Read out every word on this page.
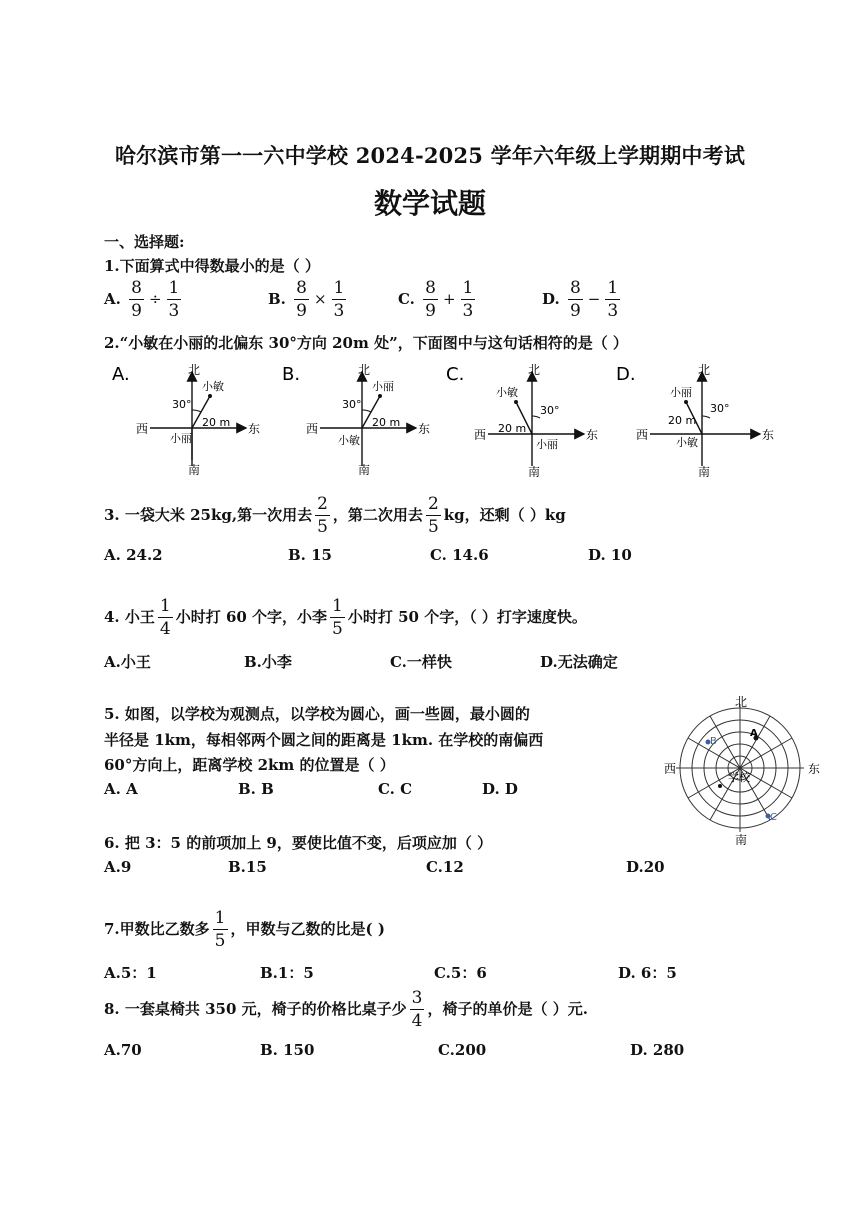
哈尔滨市第一一六中学校 2024-2025 学年六年级上学期期中考试
数学试题
一、选择题:
1.下面算式中得数最小的是（ ）
A. $\frac{8}{9} \div \frac{1}{3}$	B. $\frac{8}{9} \times \frac{1}{3}$	C. $\frac{8}{9} + \frac{1}{3}$	D. $\frac{8}{9} - \frac{1}{3}$
2.“小敏在小丽的北偏东 30°方向 20m 处”，下面图中与这句话相符的是（ ）
A.	北
南
西	东
小敏
小丽
30°
20 m
B.	北
南
西	东
小丽
小敏
30°
20 m
C.	北
南
西	东
小敏
小丽
30°
20 m
D.	北
南
西	东
小丽
小敏
30°
20 m
3. 一袋大米 25kg,第一次用去 $\frac{2}{5}$ ，第二次用去 $\frac{2}{5}$ kg，还剩（ ）kg
A. 24.2	B. 15	C. 14.6	D. 10
4. 小王 $\frac{1}{4}$ 小时打 60 个字，小李 $\frac{1}{5}$ 小时打 50 个字，（ ）打字速度快。
A.小王	B.小李	C.一样快	D.无法确定
5. 如图，以学校为观测点，以学校为圆心，画一些圆，最小圆的
半径是 1km，每相邻两个圆之间的距离是 1km. 在学校的南偏西
60°方向上，距离学校 2km 的位置是（ ）
A. A	B. B	C. C	D. D
北
南
西	东
学校
A
B
C
6. 把 3：5 的前项加上 9，要使比值不变，后项应加（ ）
A.9	B.15	C.12	D.20
7.甲数比乙数多 $\frac{1}{5}$ ，甲数与乙数的比是( )
A.5：1	B.1：5	C.5：6	D. 6：5
8. 一套桌椅共 350 元，椅子的价格比桌子少 $\frac{3}{4}$ ，椅子的单价是（ ）元.
A.70	B. 150	C.200	D. 280
